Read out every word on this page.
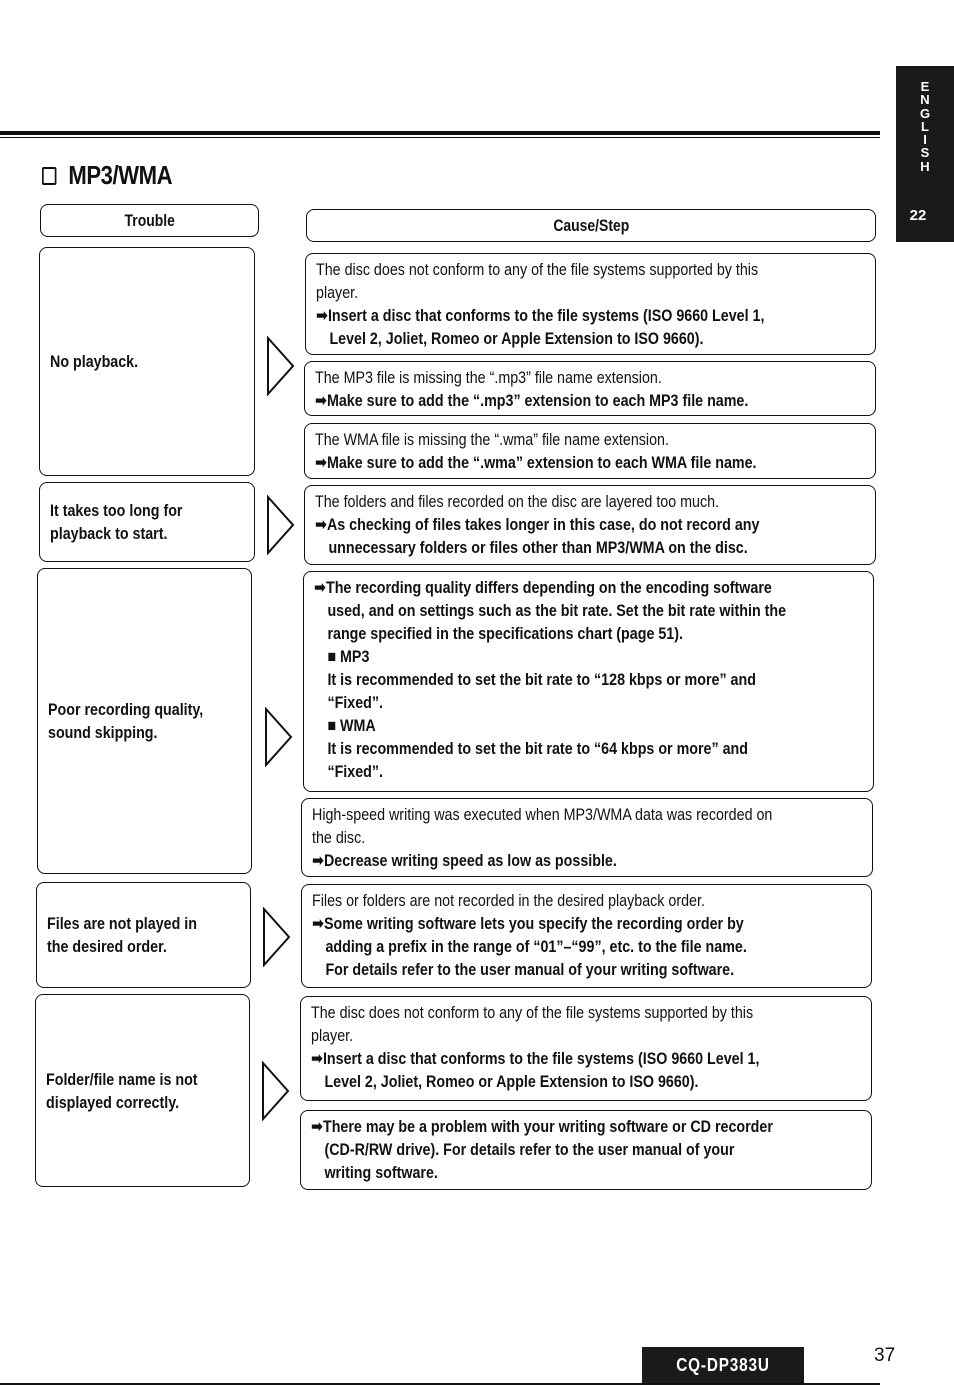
E
N
G
L
I
S
H
22
MP3/WMA
Trouble	Cause/Step
No playback.
It takes too long for
playback to start.
Poor recording quality,
sound skipping.
Files are not played in
the desired order.
Folder/file name is not
displayed correctly.
The disc does not conform to any of the file systems supported by this
player.
➡Insert a disc that conforms to the file systems (ISO 9660 Level 1,
Level 2, Joliet, Romeo or Apple Extension to ISO 9660).
The MP3 file is missing the “.mp3” file name extension.
➡Make sure to add the “.mp3” extension to each MP3 file name.
The WMA file is missing the “.wma” file name extension.
➡Make sure to add the “.wma” extension to each WMA file name.
The folders and files recorded on the disc are layered too much.
➡As checking of files takes longer in this case, do not record any
unnecessary folders or files other than MP3/WMA on the disc.
➡The recording quality differs depending on the encoding software
used, and on settings such as the bit rate. Set the bit rate within the
range specified in the specifications chart (page 51).
■ MP3
It is recommended to set the bit rate to “128 kbps or more” and
“Fixed”.
■ WMA
It is recommended to set the bit rate to “64 kbps or more” and
“Fixed”.
High-speed writing was executed when MP3/WMA data was recorded on
the disc.
➡Decrease writing speed as low as possible.
Files or folders are not recorded in the desired playback order.
➡Some writing software lets you specify the recording order by
adding a prefix in the range of “01”–“99”, etc. to the file name.
For details refer to the user manual of your writing software.
The disc does not conform to any of the file systems supported by this
player.
➡Insert a disc that conforms to the file systems (ISO 9660 Level 1,
Level 2, Joliet, Romeo or Apple Extension to ISO 9660).
➡There may be a problem with your writing software or CD recorder
(CD-R/RW drive). For details refer to the user manual of your
writing software.
CQ-DP383U	37
